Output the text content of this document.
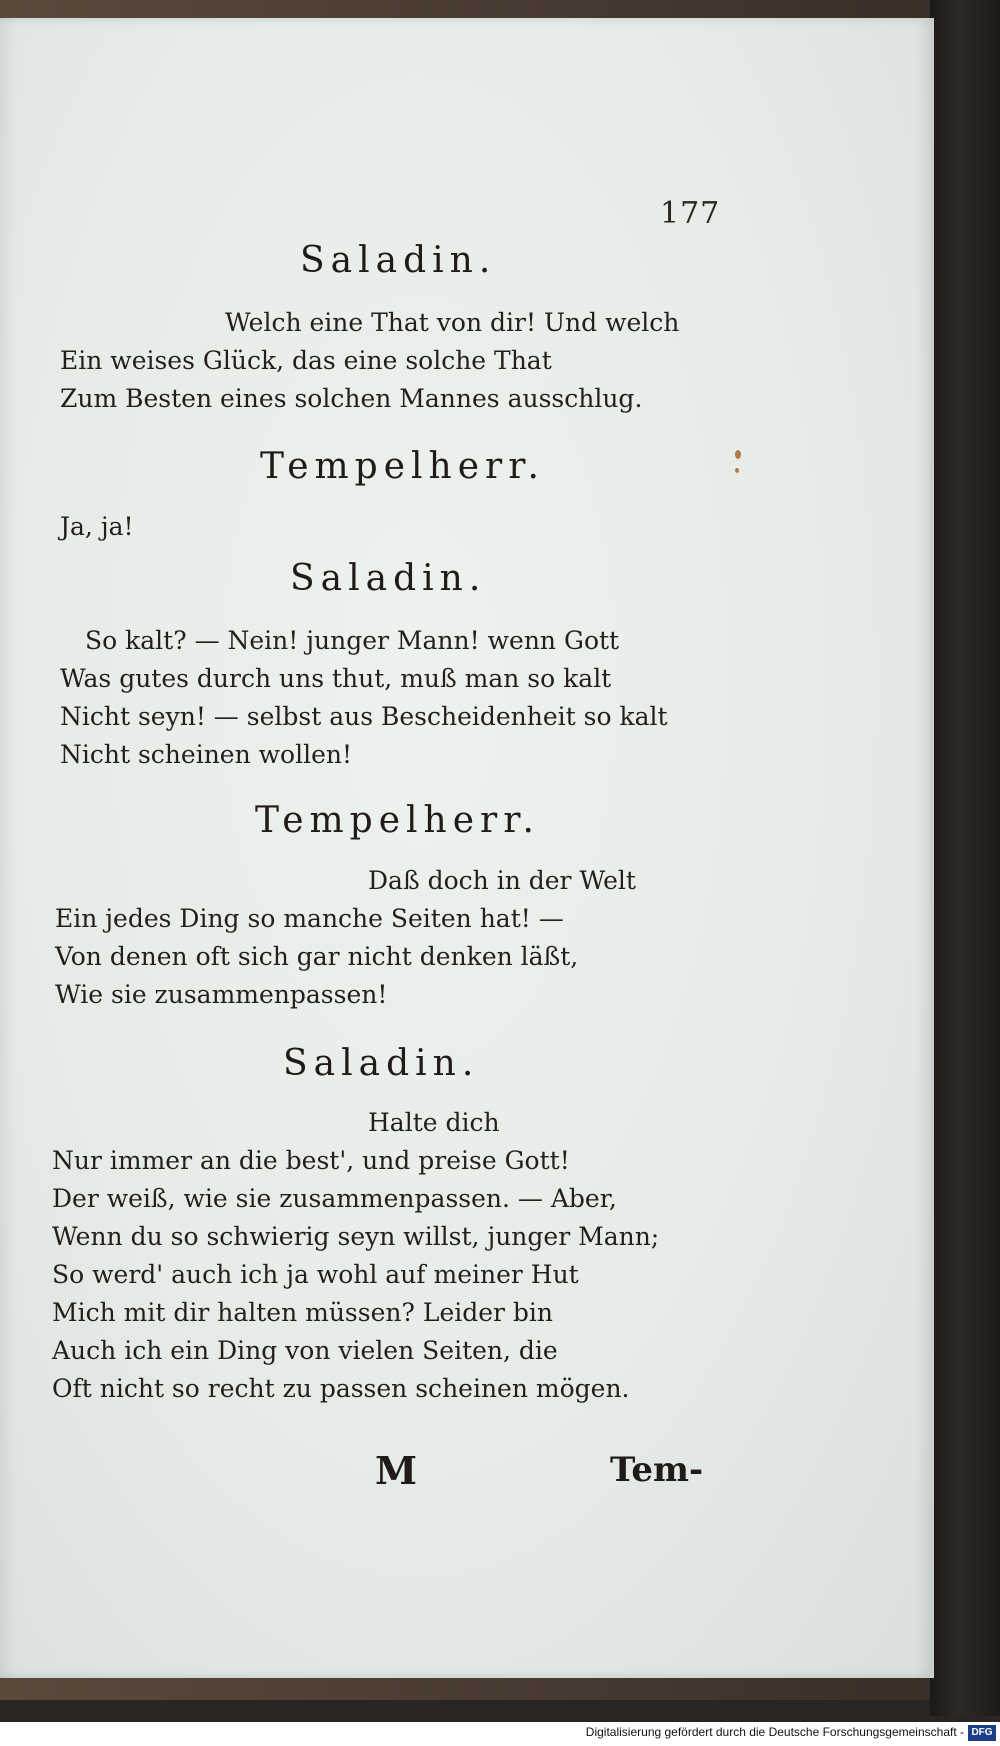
177
Saladin.
Welch eine That von dir! Und welch
Ein weises Glück, das eine solche That
Zum Besten eines solchen Mannes ausschlug.
Tempelherr.
Ja, ja!
Saladin.
So kalt? — Nein! junger Mann! wenn Gott
Was gutes durch uns thut, muß man so kalt
Nicht seyn! — selbst aus Bescheidenheit so kalt
Nicht scheinen wollen!
Tempelherr.
Daß doch in der Welt
Ein jedes Ding so manche Seiten hat! —
Von denen oft sich gar nicht denken läßt,
Wie sie zusammenpassen!
Saladin.
Halte dich
Nur immer an die best', und preise Gott!
Der weiß, wie sie zusammenpassen. — Aber,
Wenn du so schwierig seyn willst, junger Mann;
So werd' auch ich ja wohl auf meiner Hut
Mich mit dir halten müssen? Leider bin
Auch ich ein Ding von vielen Seiten, die
Oft nicht so recht zu passen scheinen mögen.
M	Tem-
Digitalisierung gefördert durch die Deutsche Forschungsgemeinschaft - DFG
